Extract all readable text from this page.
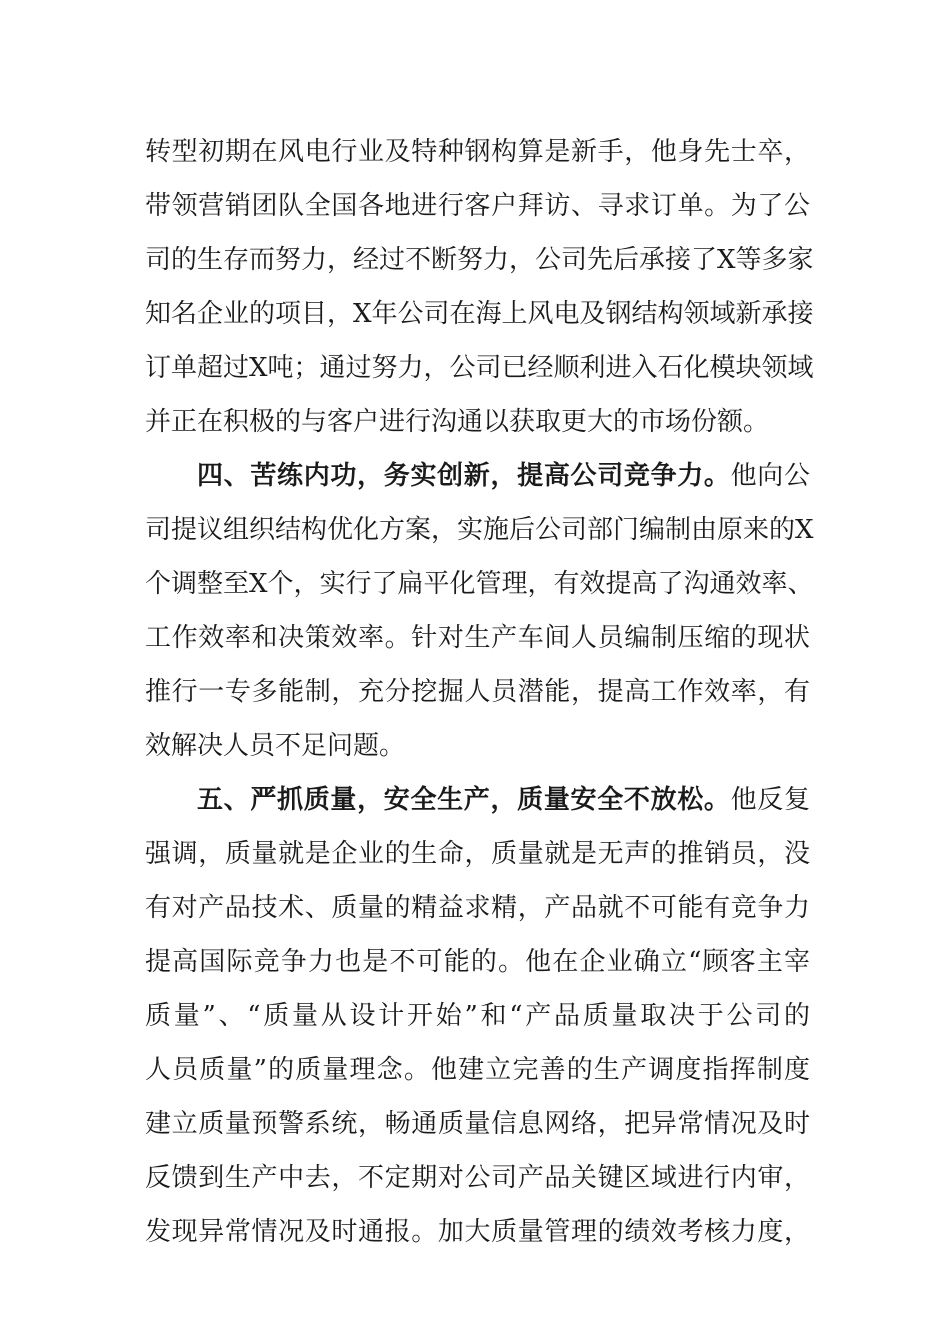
转型初期在风电行业及特种钢构算是新手，他身先士卒，
带领营销团队全国各地进行客户拜访、寻求订单。为了公
司的生存而努力，经过不断努力，公司先后承接了X等多家
知名企业的项目，X年公司在海上风电及钢结构领域新承接
订单超过X吨；通过努力，公司已经顺利进入石化模块领域
并正在积极的与客户进行沟通以获取更大的市场份额。
四、苦练内功，务实创新，提高公司竞争力。他向公
司提议组织结构优化方案，实施后公司部门编制由原来的X
个调整至X个，实行了扁平化管理，有效提高了沟通效率、
工作效率和决策效率。针对生产车间人员编制压缩的现状
推行一专多能制，充分挖掘人员潜能，提高工作效率，有
效解决人员不足问题。
五、严抓质量，安全生产，质量安全不放松。他反复
强调，质量就是企业的生命，质量就是无声的推销员，没
有对产品技术、质量的精益求精，产品就不可能有竞争力
提高国际竞争力也是不可能的。他在企业确立“顾客主宰
质量”、“质量从设计开始”和“产品质量取决于公司的
人员质量”的质量理念。他建立完善的生产调度指挥制度
建立质量预警系统，畅通质量信息网络，把异常情况及时
反馈到生产中去，不定期对公司产品关键区域进行内审，
发现异常情况及时通报。加大质量管理的绩效考核力度，
